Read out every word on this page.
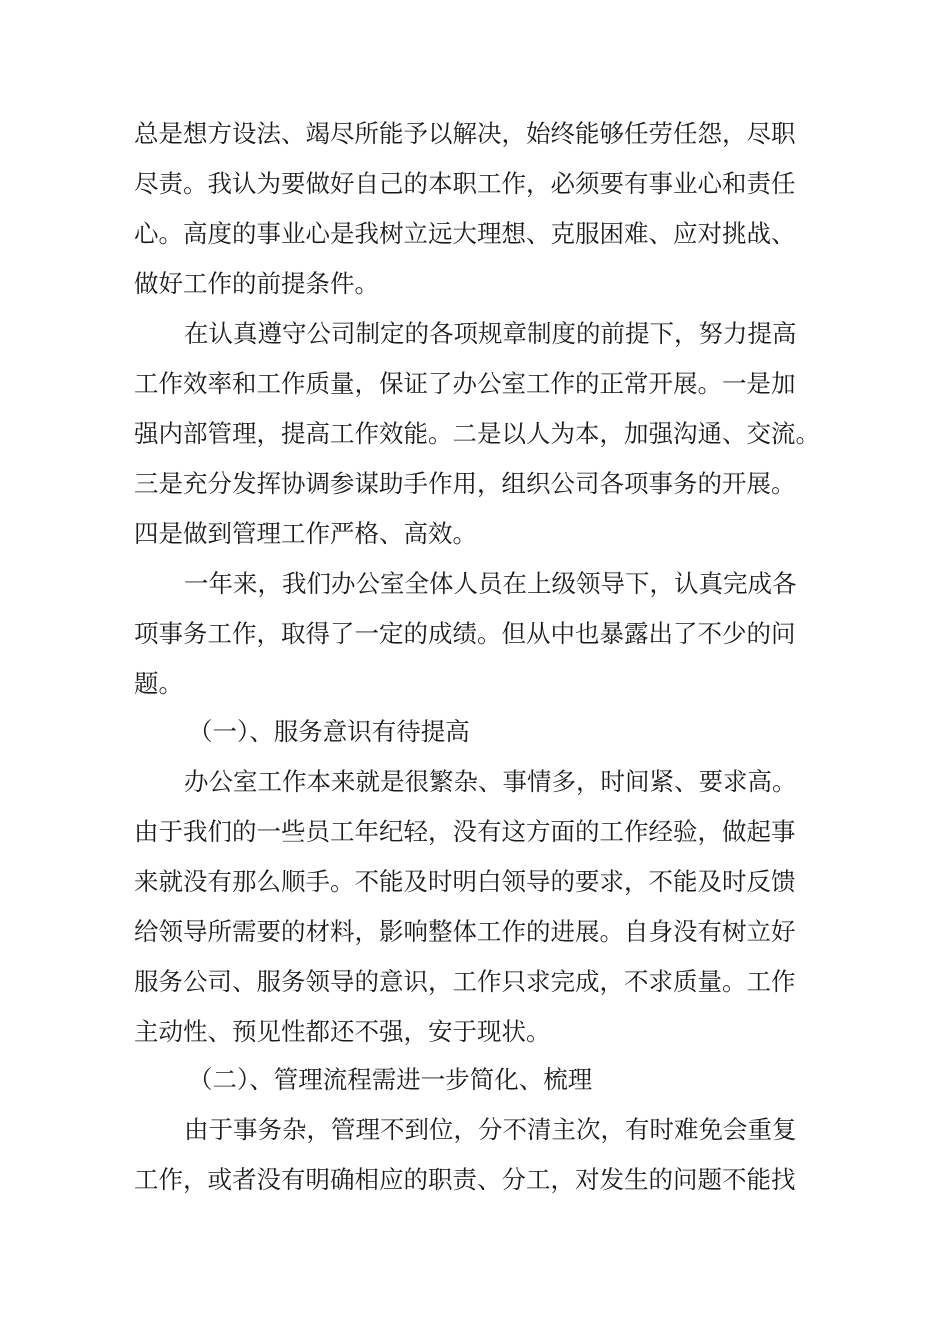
总是想方设法、竭尽所能予以解决，始终能够任劳任怨，尽职
尽责。我认为要做好自己的本职工作，必须要有事业心和责任
心。高度的事业心是我树立远大理想、克服困难、应对挑战、
做好工作的前提条件。
在认真遵守公司制定的各项规章制度的前提下，努力提高
工作效率和工作质量，保证了办公室工作的正常开展。一是加
强内部管理，提高工作效能。二是以人为本，加强沟通、交流。
三是充分发挥协调参谋助手作用，组织公司各项事务的开展。
四是做到管理工作严格、高效。
一年来，我们办公室全体人员在上级领导下，认真完成各
项事务工作，取得了一定的成绩。但从中也暴露出了不少的问
题。
（一）、服务意识有待提高
办公室工作本来就是很繁杂、事情多，时间紧、要求高。
由于我们的一些员工年纪轻，没有这方面的工作经验，做起事
来就没有那么顺手。不能及时明白领导的要求，不能及时反馈
给领导所需要的材料，影响整体工作的进展。自身没有树立好
服务公司、服务领导的意识，工作只求完成，不求质量。工作
主动性、预见性都还不强，安于现状。
（二）、管理流程需进一步简化、梳理
由于事务杂，管理不到位，分不清主次，有时难免会重复
工作，或者没有明确相应的职责、分工，对发生的问题不能找
